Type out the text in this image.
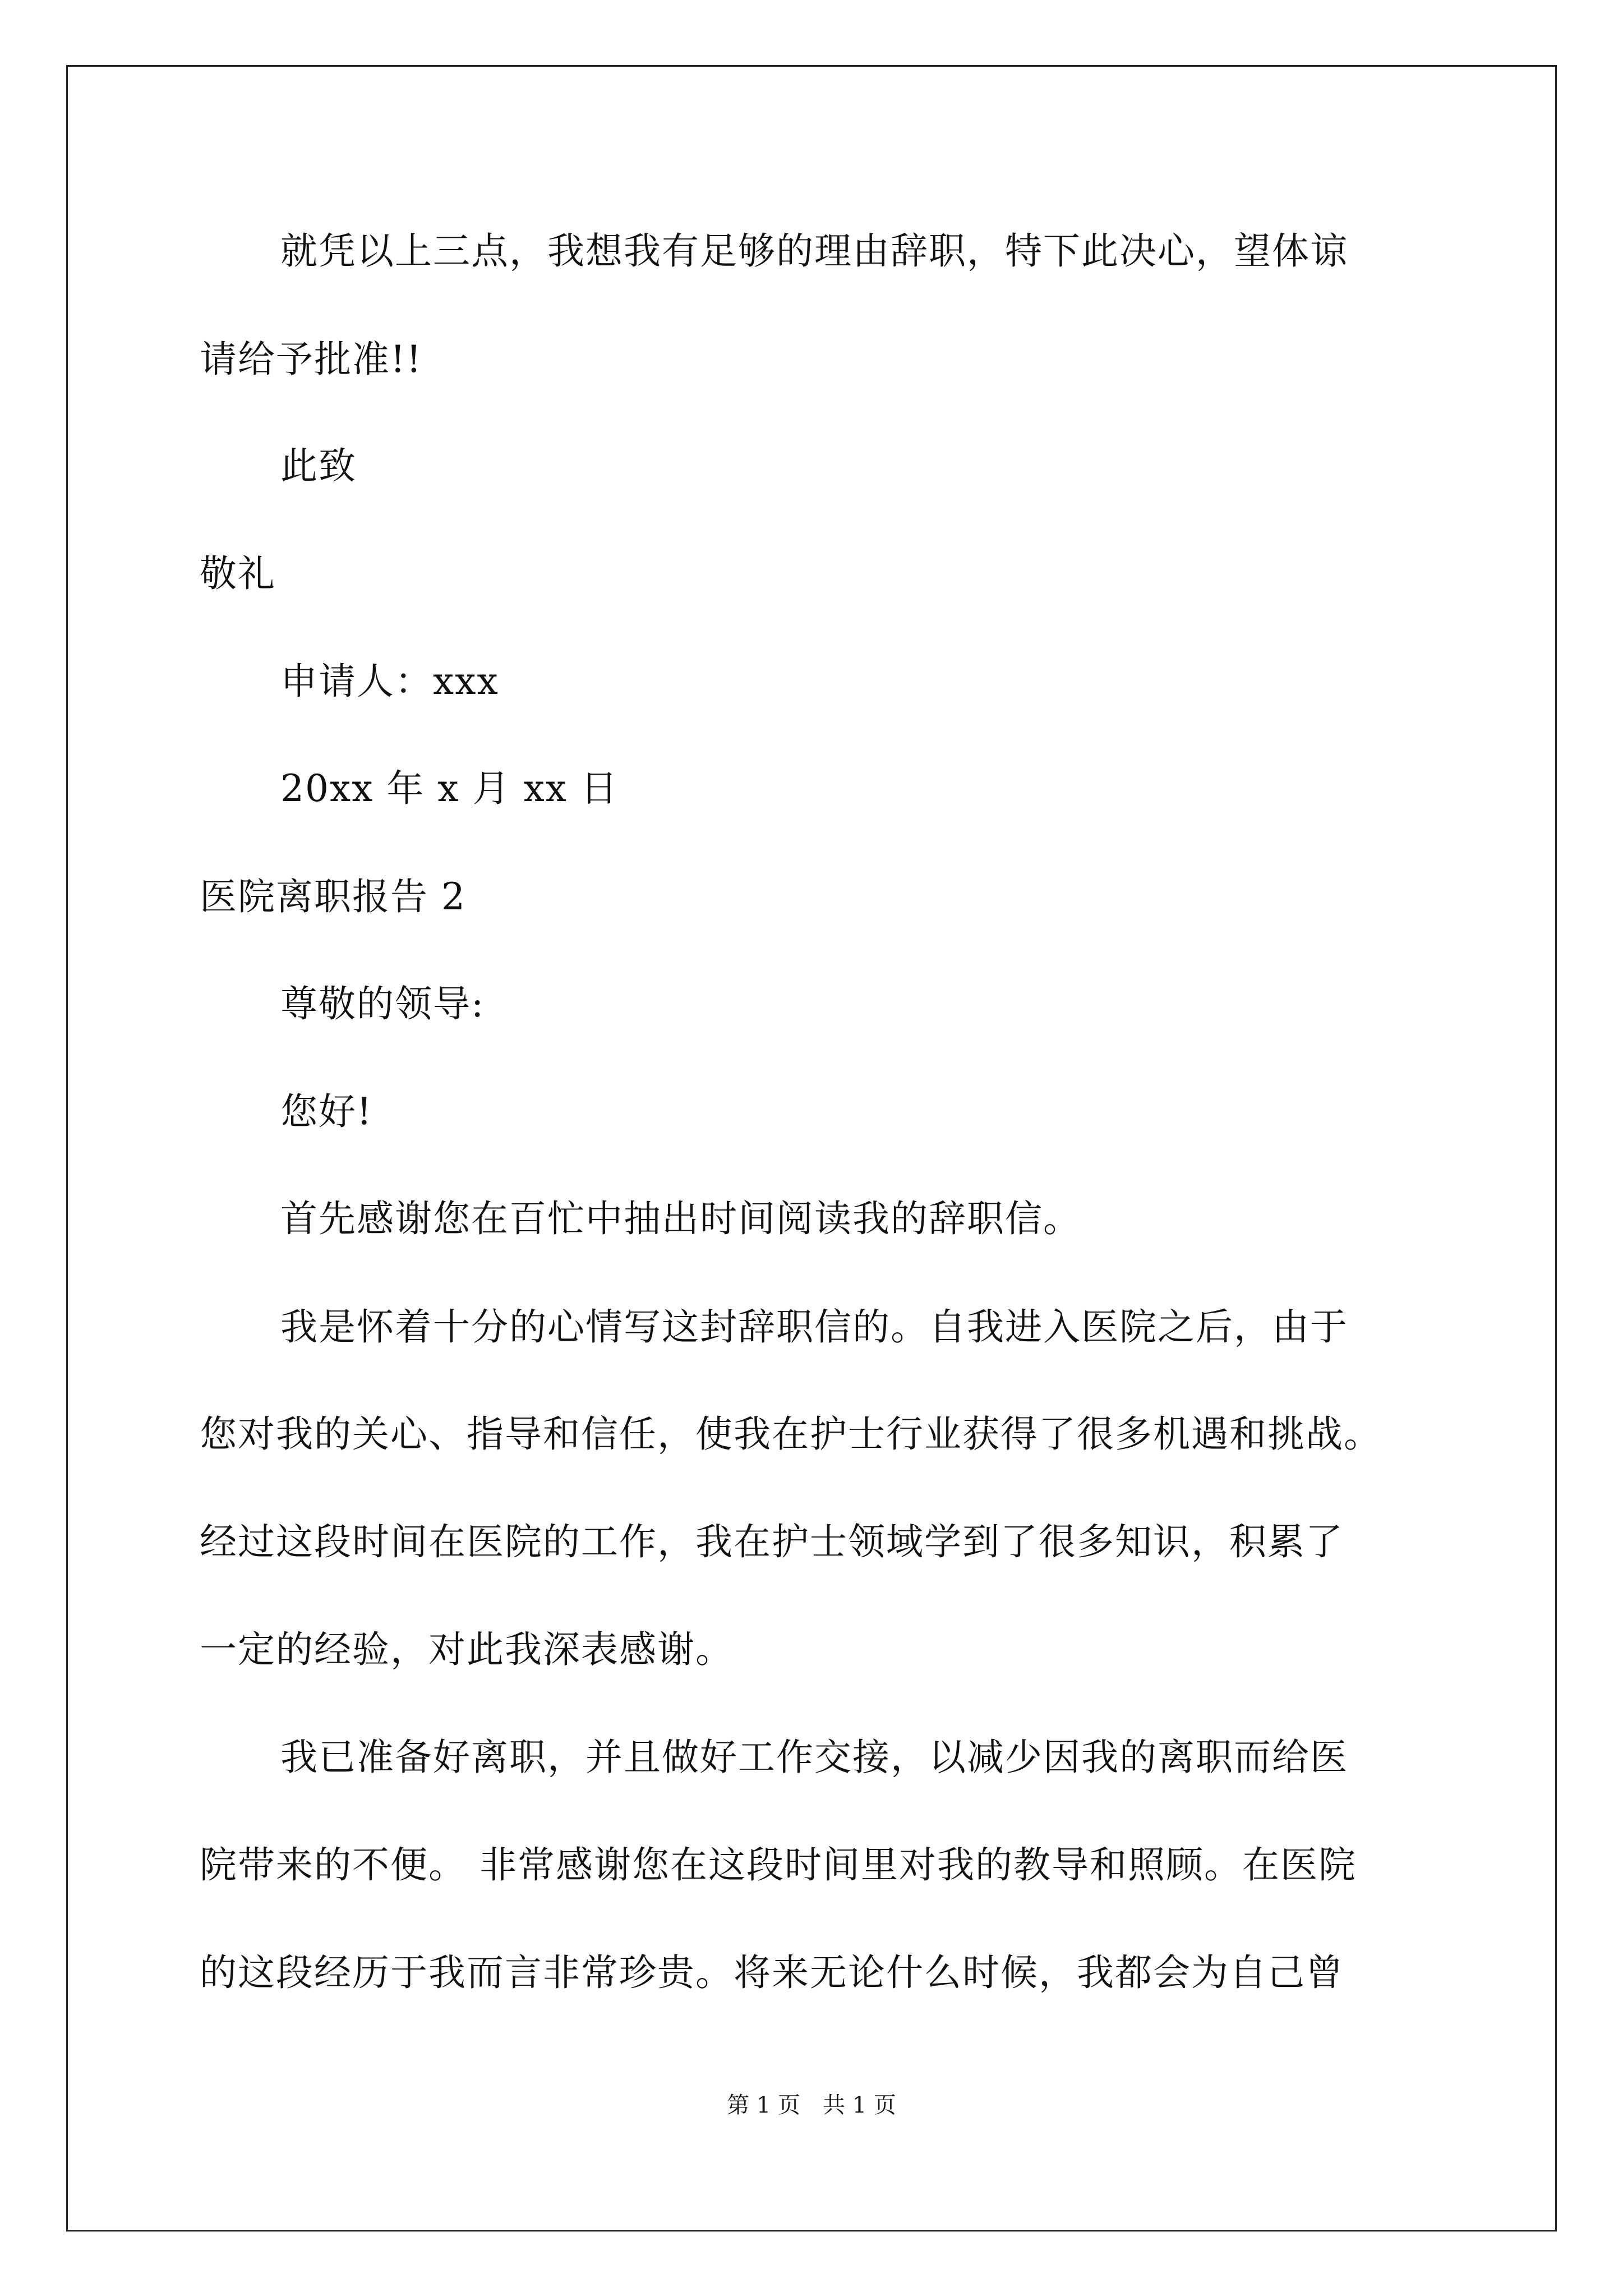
就凭以上三点，我想我有足够的理由辞职，特下此决心，望体谅
请给予批准!!
此致
敬礼
申请人：xxx
20xx 年 x 月 xx 日
医院离职报告 2
尊敬的领导:
您好!
首先感谢您在百忙中抽出时间阅读我的辞职信。
我是怀着十分的心情写这封辞职信的。自我进入医院之后，由于
您对我的关心、指导和信任，使我在护士行业获得了很多机遇和挑战。
经过这段时间在医院的工作，我在护士领域学到了很多知识，积累了
一定的经验，对此我深表感谢。
我已准备好离职，并且做好工作交接，以减少因我的离职而给医
院带来的不便。 非常感谢您在这段时间里对我的教导和照顾。在医院
的这段经历于我而言非常珍贵。将来无论什么时候，我都会为自己曾
第 1 页　共 1 页
